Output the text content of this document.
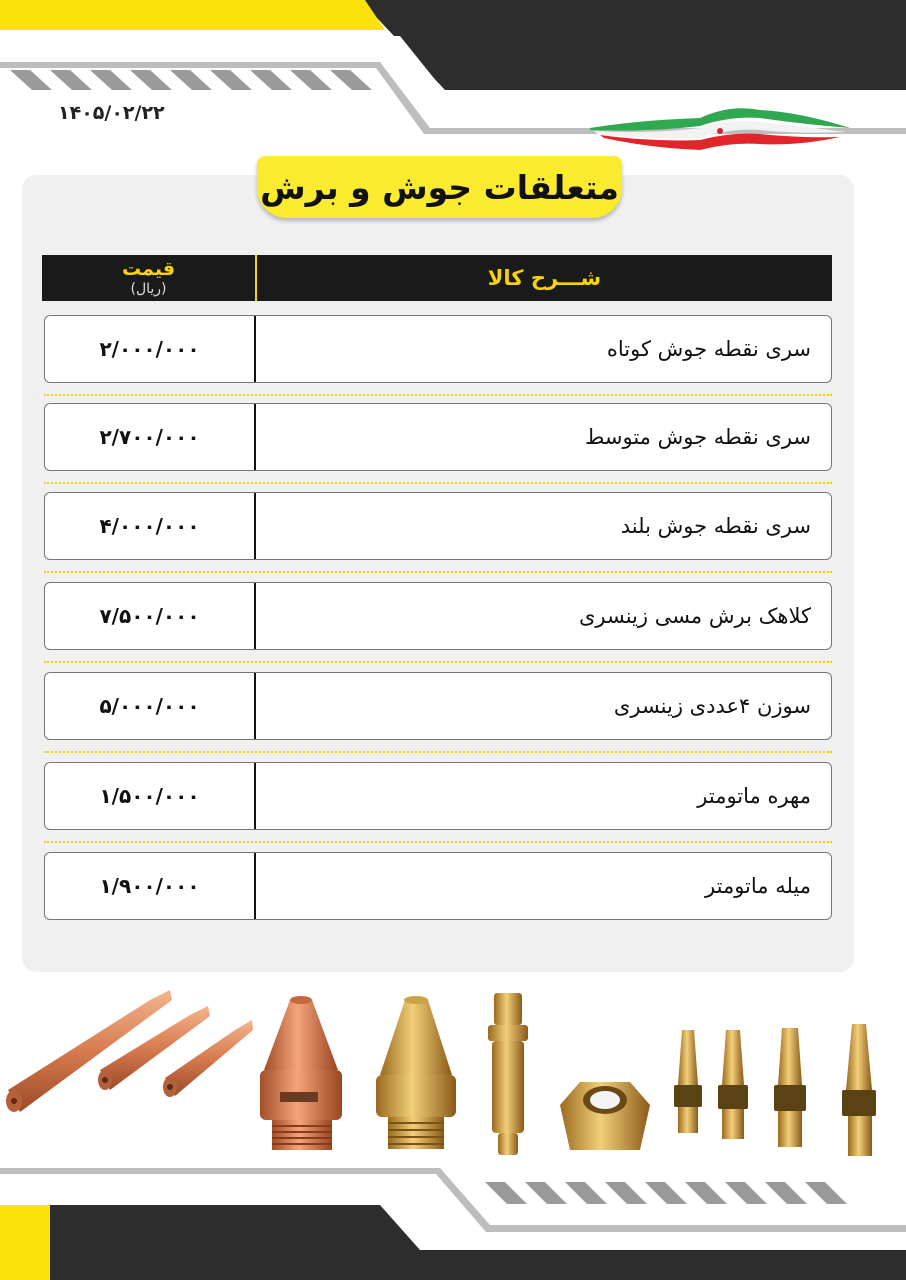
۱۴۰۵/۰۲/۲۲
متعلقات جوش و برش
شـــرح کالا
قیمت
(ریال)
سری نقطه جوش کوتاه
۲/۰۰۰/۰۰۰
سری نقطه جوش متوسط
۲/۷۰۰/۰۰۰
سری نقطه جوش بلند
۴/۰۰۰/۰۰۰
کلاهک برش مسی زینسری
۷/۵۰۰/۰۰۰
سوزن ۴عددی زینسری
۵/۰۰۰/۰۰۰
مهره ماتومتر
۱/۵۰۰/۰۰۰
میله ماتومتر
۱/۹۰۰/۰۰۰
